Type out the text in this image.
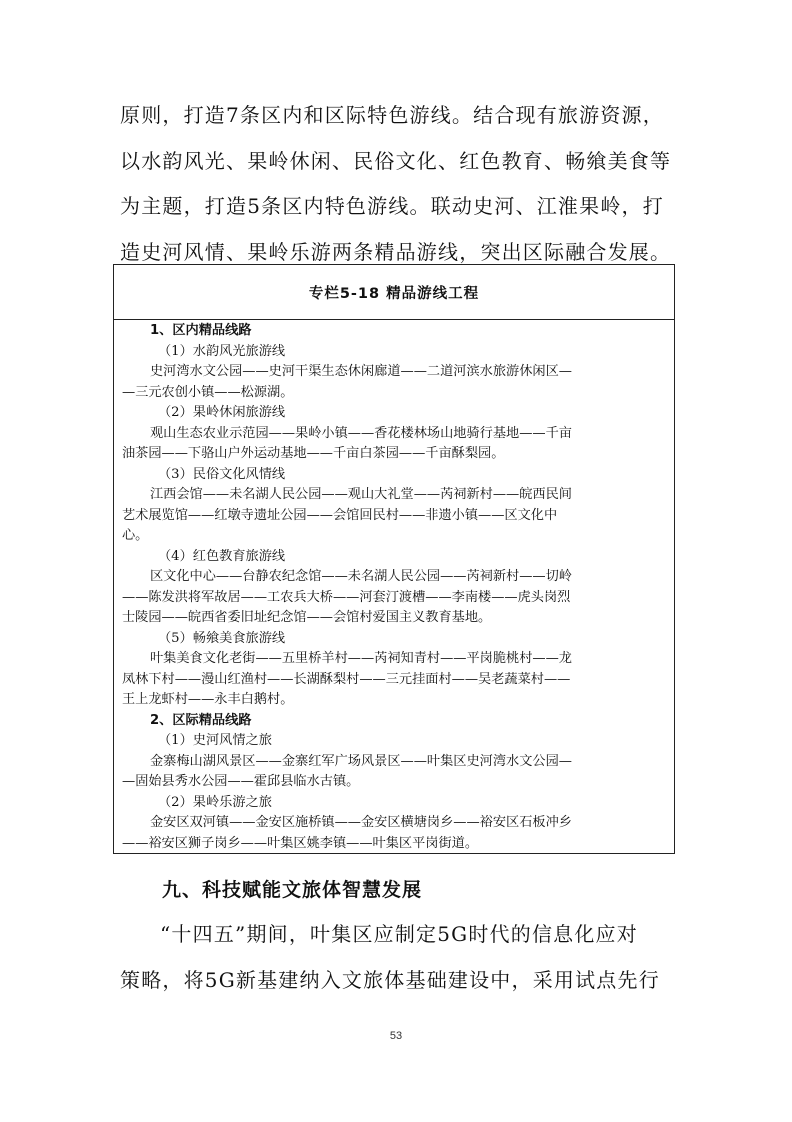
原则，打造7条区内和区际特色游线。结合现有旅游资源，
以水韵风光、果岭休闲、民俗文化、红色教育、畅飨美食等
为主题，打造5条区内特色游线。联动史河、江淮果岭，打
造史河风情、果岭乐游两条精品游线，突出区际融合发展。
专栏5-18 精品游线工程
1、区内精品线路
（1）水韵风光旅游线
史河湾水文公园——史河干渠生态休闲廊道——二道河滨水旅游休闲区—
—三元农创小镇——松源湖。
（2）果岭休闲旅游线
观山生态农业示范园——果岭小镇——香花楼林场山地骑行基地——千亩
油茶园——下骆山户外运动基地——千亩白茶园——千亩酥梨园。
（3）民俗文化风情线
江西会馆——未名湖人民公园——观山大礼堂——芮祠新村——皖西民间
艺术展览馆——红墩寺遗址公园——会馆回民村——非遗小镇——区文化中
心。
（4）红色教育旅游线
区文化中心——台静农纪念馆——未名湖人民公园——芮祠新村——切岭
——陈发洪将军故居——工农兵大桥——河套汀渡槽——李南楼——虎头岗烈
士陵园——皖西省委旧址纪念馆——会馆村爱国主义教育基地。
（5）畅飨美食旅游线
叶集美食文化老街——五里桥羊村——芮祠知青村——平岗脆桃村——龙
凤林下村——漫山红渔村——长湖酥梨村——三元挂面村——吴老蔬菜村——
王上龙虾村——永丰白鹅村。
2、区际精品线路
（1）史河风情之旅
金寨梅山湖风景区——金寨红军广场风景区——叶集区史河湾水文公园—
—固始县秀水公园——霍邱县临水古镇。
（2）果岭乐游之旅
金安区双河镇——金安区施桥镇——金安区横塘岗乡——裕安区石板冲乡
——裕安区狮子岗乡——叶集区姚李镇——叶集区平岗街道。
九、科技赋能文旅体智慧发展
“十四五”期间，叶集区应制定5G时代的信息化应对
策略，将5G新基建纳入文旅体基础建设中，采用试点先行
53
